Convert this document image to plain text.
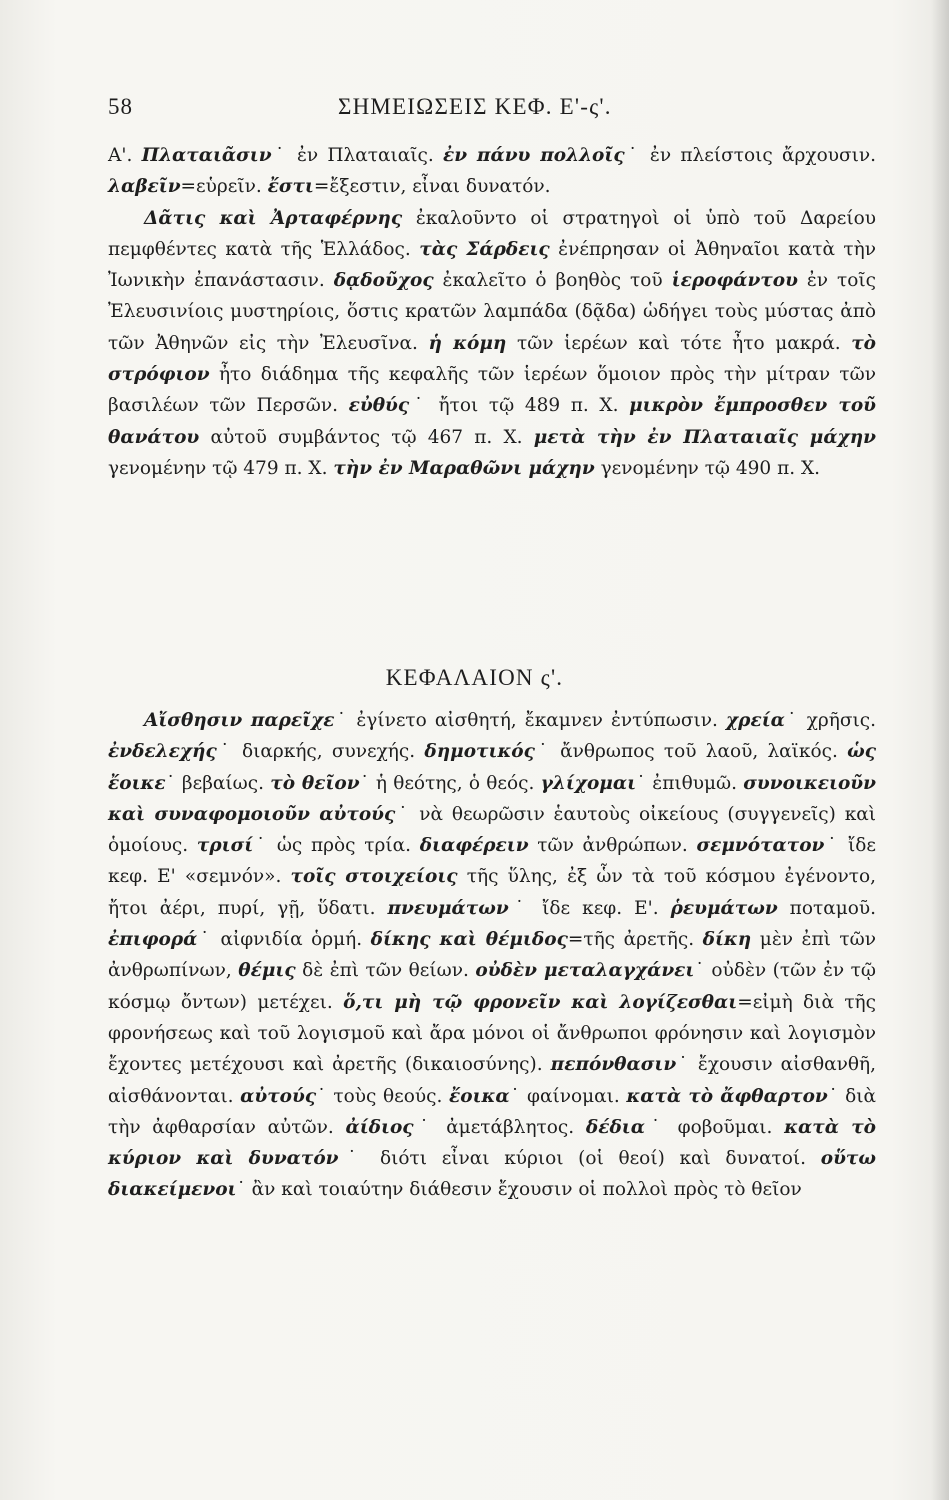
58	ΣΗΜΕΙΩΣΕΙΣ ΚΕΦ. Ε'-ς'.

Α'. Πλαταιᾶσιν˙ ἐν Πλαταιαῖς. ἐν πάνυ πολλοῖς˙ ἐν πλείστοις ἄρχουσιν. λαβεῖν=εὑρεῖν. ἔστι=ἔξεστιν, εἶναι δυνατόν.

Δᾶτις καὶ Ἀρταφέρνης ἐκαλοῦντο οἱ στρατηγοὶ οἱ ὑπὸ τοῦ Δαρείου πεμφθέντες κατὰ τῆς Ἑλλάδος. τὰς Σάρδεις ἐνέπρησαν οἱ Ἀθηναῖοι κατὰ τὴν Ἰωνικὴν ἐπανάστασιν. δᾳδοῦχος ἐκαλεῖτο ὁ βοηθὸς τοῦ ἱεροφάντου ἐν τοῖς Ἐλευσινίοις μυστηρίοις, ὅστις κρατῶν λαμπάδα (δᾷδα) ὡδήγει τοὺς μύστας ἀπὸ τῶν Ἀθηνῶν εἰς τὴν Ἐλευσῖνα. ἡ κόμη τῶν ἱερέων καὶ τότε ἦτο μακρά. τὸ στρόφιον ἦτο διάδημα τῆς κεφαλῆς τῶν ἱερέων ὅμοιον πρὸς τὴν μίτραν τῶν βασιλέων τῶν Περσῶν. εὐθύς˙ ἤτοι τῷ 489 π. Χ. μικρὸν ἔμπροσθεν τοῦ θανάτου αὐτοῦ συμβάντος τῷ 467 π. Χ. μετὰ τὴν ἐν Πλαταιαῖς μάχην γενομένην τῷ 479 π. Χ. τὴν ἐν Μαραθῶνι μάχην γενομένην τῷ 490 π. Χ.

ΚΕΦΑΛΑΙΟΝ ς'.

Αἴσθησιν παρεῖχε˙ ἐγίνετο αἰσθητή, ἔκαμνεν ἐντύπωσιν. χρεία˙ χρῆσις. ἐνδελεχής˙ διαρκής, συνεχής. δημοτικός˙ ἄνθρωπος τοῦ λαοῦ, λαϊκός. ὡς ἔοικε˙ βεβαίως. τὸ θεῖον˙ ἡ θεότης, ὁ θεός. γλίχομαι˙ ἐπιθυμῶ. συνοικειοῦν καὶ συναφομοιοῦν αὐτούς˙ νὰ θεωρῶσιν ἑαυτοὺς οἰκείους (συγγενεῖς) καὶ ὁμοίους. τρισί˙ ὡς πρὸς τρία. διαφέρειν τῶν ἀνθρώπων. σεμνότατον˙ ἴδε κεφ. Ε' «σεμνόν». τοῖς στοιχείοις τῆς ὕλης, ἐξ ὧν τὰ τοῦ κόσμου ἐγένοντο, ἤτοι ἀέρι, πυρί, γῇ, ὕδατι. πνευμάτων˙ ἴδε κεφ. Ε'. ῥευμάτων ποταμοῦ. ἐπιφορά˙ αἰφνιδία ὁρμή. δίκης καὶ θέμιδος=τῆς ἀρετῆς. δίκη μὲν ἐπὶ τῶν ἀνθρωπίνων, θέμις δὲ ἐπὶ τῶν θείων. οὐδὲν μεταλαγχάνει˙ οὐδὲν (τῶν ἐν τῷ κόσμῳ ὄντων) μετέχει. ὅ,τι μὴ τῷ φρονεῖν καὶ λογίζεσθαι=εἰμὴ διὰ τῆς φρονήσεως καὶ τοῦ λογισμοῦ καὶ ἄρα μόνοι οἱ ἄνθρωποι φρόνησιν καὶ λογισμὸν ἔχοντες μετέχουσι καὶ ἀρετῆς (δικαιοσύνης). πεπόνθασιν˙ ἔχουσιν αἰσθανθῆ, αἰσθάνονται. αὐτούς˙ τοὺς θεούς. ἔοικα˙ φαίνομαι. κατὰ τὸ ἄφθαρτον˙ διὰ τὴν ἀφθαρσίαν αὐτῶν. ἀίδιος˙ ἀμετάβλητος. δέδια˙ φοβοῦμαι. κατὰ τὸ κύριον καὶ δυνατόν˙ διότι εἶναι κύριοι (οἱ θεοί) καὶ δυνατοί. οὕτω διακείμενοι˙ ἂν καὶ τοιαύτην διάθεσιν ἔχουσιν οἱ πολλοὶ πρὸς τὸ θεῖον
